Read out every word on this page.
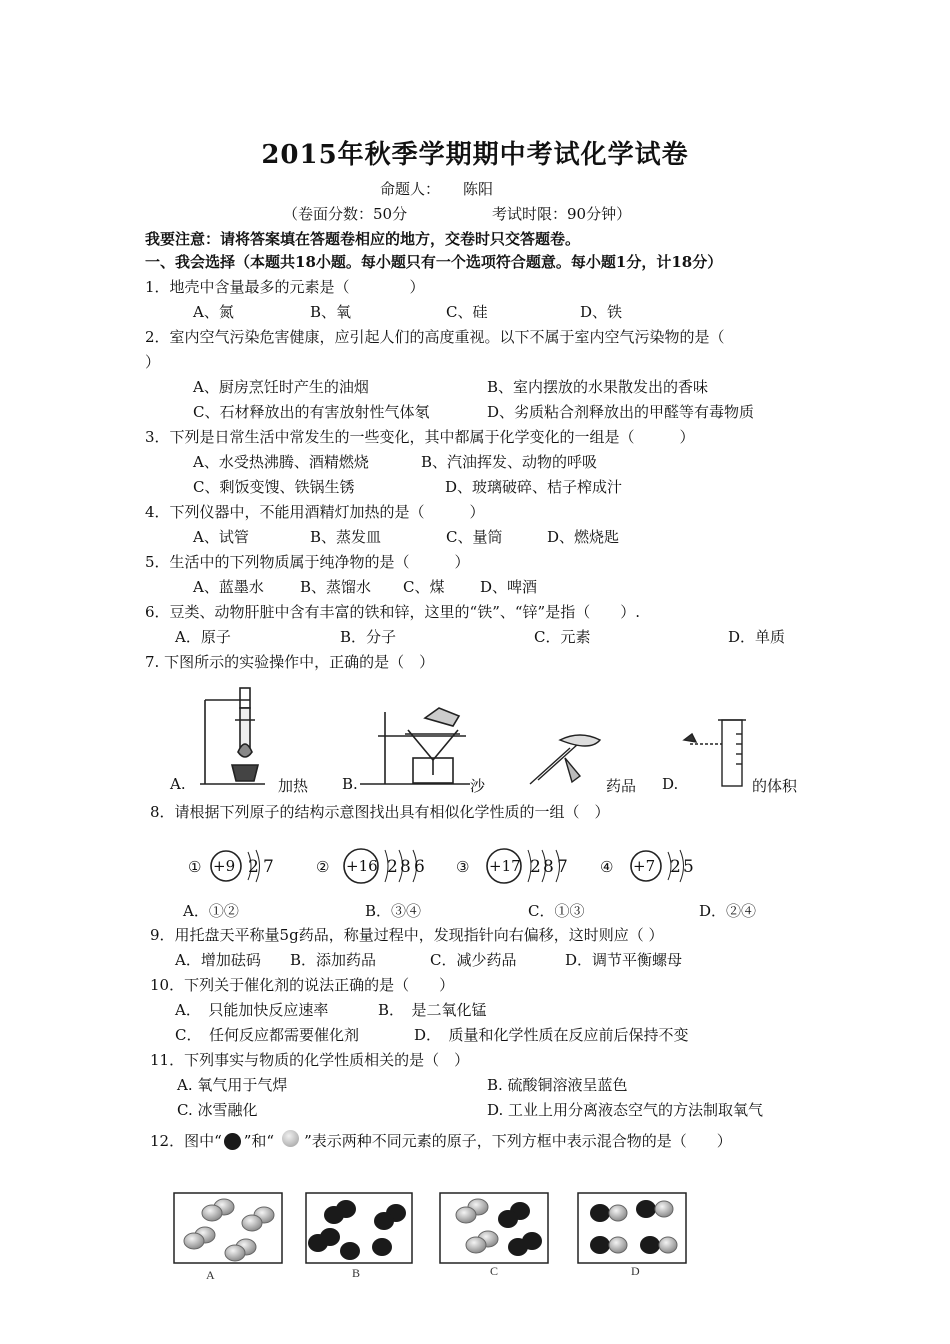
2015年秋季学期期中考试化学试卷
命题人： 陈阳
（卷面分数：50分	考试时限：90分钟）
我要注意：请将答案填在答题卷相应的地方，交卷时只交答题卷。
一、我会选择（本题共18小题。每小题只有一个选项符合题意。每小题1分，计18分）
1．地壳中含量最多的元素是（　　　　）
A、氮	B、氧	C、硅	D、铁
2．室内空气污染危害健康，应引起人们的高度重视。以下不属于室内空气污染物的是（
）
A、厨房烹饪时产生的油烟	B、室内摆放的水果散发出的香味
C、石材释放出的有害放射性气体氡	D、劣质粘合剂释放出的甲醛等有毒物质
3．下列是日常生活中常发生的一些变化，其中都属于化学变化的一组是（　　　）
A、水受热沸腾、酒精燃烧	B、汽油挥发、动物的呼吸
C、剩饭变馊、铁锅生锈	D、玻璃破碎、桔子榨成汁
4．下列仪器中，不能用酒精灯加热的是（　　　）
A、试管	B、蒸发皿	C、量筒	D、燃烧匙
5．生活中的下列物质属于纯净物的是（　　　）
A、蓝墨水 B、蒸馏水 C、煤 D、啤酒
6．豆类、动物肝脏中含有丰富的铁和锌，这里的“铁”、“锌”是指（　　）.
A．原子	B．分子	C．元素	D．单质
7. 下图所示的实验操作中，正确的是（　）
A.	加热 B.	沙	药品 D.	的体积
8．请根据下列原子的结构示意图找出具有相似化学性质的一组（　）
① +9 2 7	② +16 2 8 6 ③ +17 2 8 7 ④ +7 2 5
A．①②	B．③④	C．①③	D．②④
9．用托盘天平称量5g药品，称量过程中，发现指针向右偏移，这时则应（ ）
A．增加砝码 B．添加药品	C．减少药品	D．调节平衡螺母
10．下列关于催化剂的说法正确的是（　　）
A．　只能加快反应速率	B．　是二氧化锰
C．　任何反应都需要催化剂	D．　质量和化学性质在反应前后保持不变
11．下列事实与物质的化学性质相关的是（　）
A. 氧气用于气焊	B. 硫酸铜溶液呈蓝色
C. 冰雪融化	D. 工业上用分离液态空气的方法制取氧气
12．图中“ ”和“ ”表示两种不同元素的原子，下列方框中表示混合物的是（　　）
A	B	C	D
